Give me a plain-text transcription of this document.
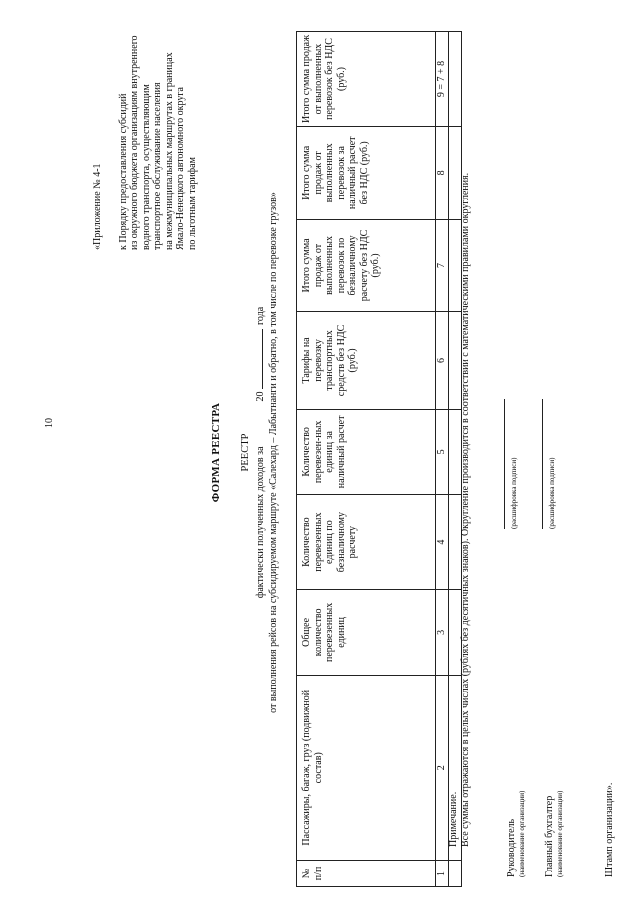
10
«Приложение № 4-1 к Порядку предоставления субсидий из окружного бюджета организациям внутреннего водного транспорта, осуществляющим транспортное обслуживание населения на межмуниципальных маршрутах в границах Ямало-Ненецкого автономного округа по льготным тарифам
ФОРМА РЕЕСТРА РЕЕСТР фактически полученных доходов за  20 года от выполнения рейсов на субсидируемом маршруте «Салехард – Лабытнанги и обратно, в том числе по перевозке грузов»
№ п/п	Пассажиры, багаж, груз (подвижной состав)	Общее количество перевезенных единиц	Количество перевезенных единиц по безналичному расчету	Количество перевезен-ных единиц за наличный расчет	Тарифы на перевозку транспортных средств без НДС (руб.)	Итого сумма продаж от выполненных перевозок по безналичному расчету без НДС (руб.)	Итого сумма продаж от выполненных перевозок за наличный расчет без НДС (руб.)	Итого сумма продаж от выполненных перевозок без НДС (руб.)
1	2	3	4	5	6	7	8	9 = 7 + 8

Примечание. Все суммы отражаются в целых числах (рублях без десятичных знаков). Округление производится в соответствии с математическими правилами округления.
Руководитель (наименование организации)
(расшифровка подписи)
Главный бухгалтер (наименование организации)
(расшифровка подписи)
Штамп организации».
